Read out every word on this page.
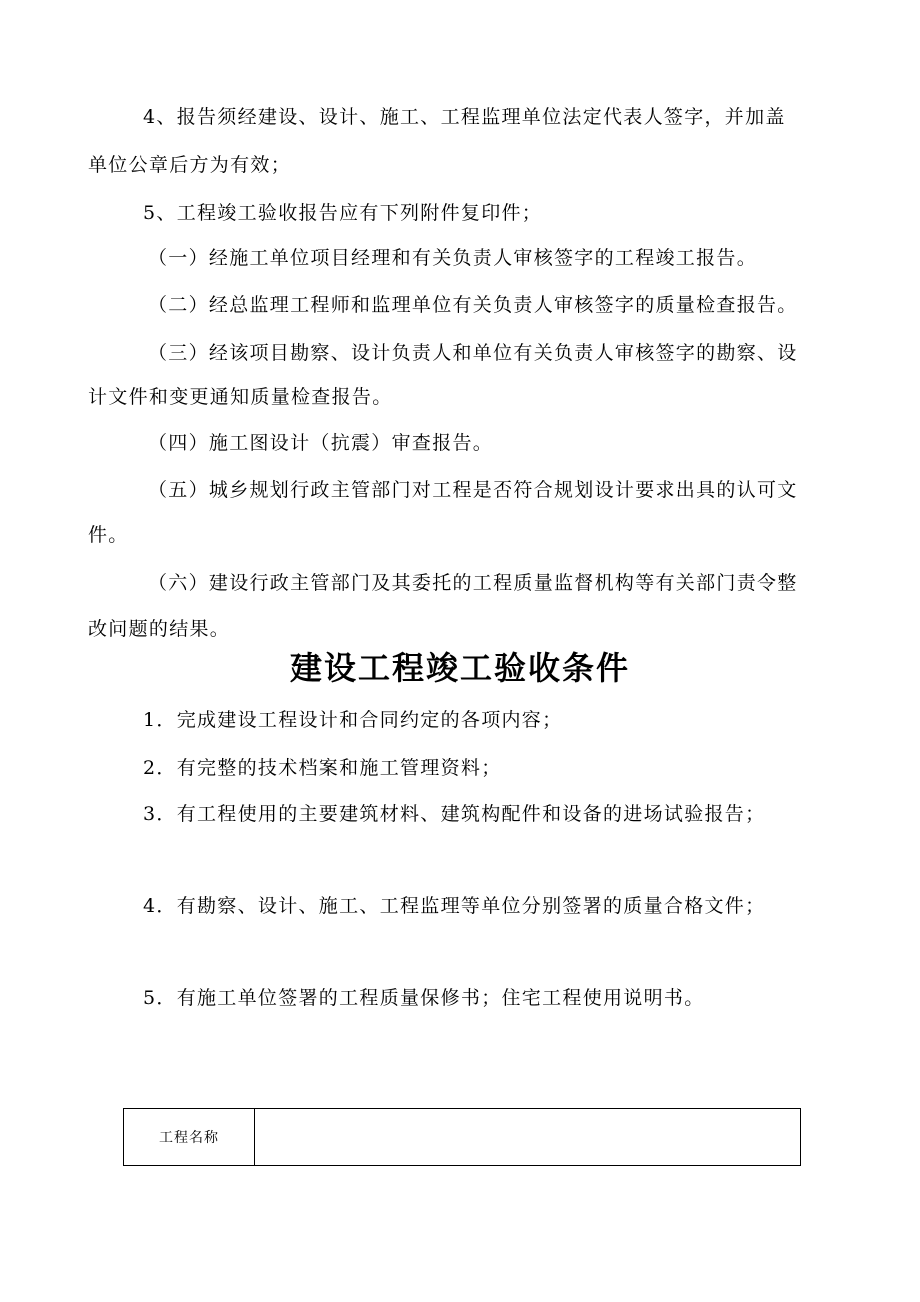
4、报告须经建设、设计、施工、工程监理单位法定代表人签字，并加盖

单位公章后方为有效；

5、工程竣工验收报告应有下列附件复印件；

（一）经施工单位项目经理和有关负责人审核签字的工程竣工报告。

（二）经总监理工程师和监理单位有关负责人审核签字的质量检查报告。

（三）经该项目勘察、设计负责人和单位有关负责人审核签字的勘察、设

计文件和变更通知质量检查报告。

（四）施工图设计（抗震）审查报告。

（五）城乡规划行政主管部门对工程是否符合规划设计要求出具的认可文

件。

（六）建设行政主管部门及其委托的工程质量监督机构等有关部门责令整

改问题的结果。

建设工程竣工验收条件

1．完成建设工程设计和合同约定的各项内容；

2．有完整的技术档案和施工管理资料；

3．有工程使用的主要建筑材料、建筑构配件和设备的进场试验报告；

4．有勘察、设计、施工、工程监理等单位分别签署的质量合格文件；

5．有施工单位签署的工程质量保修书；住宅工程使用说明书。

工程名称	
